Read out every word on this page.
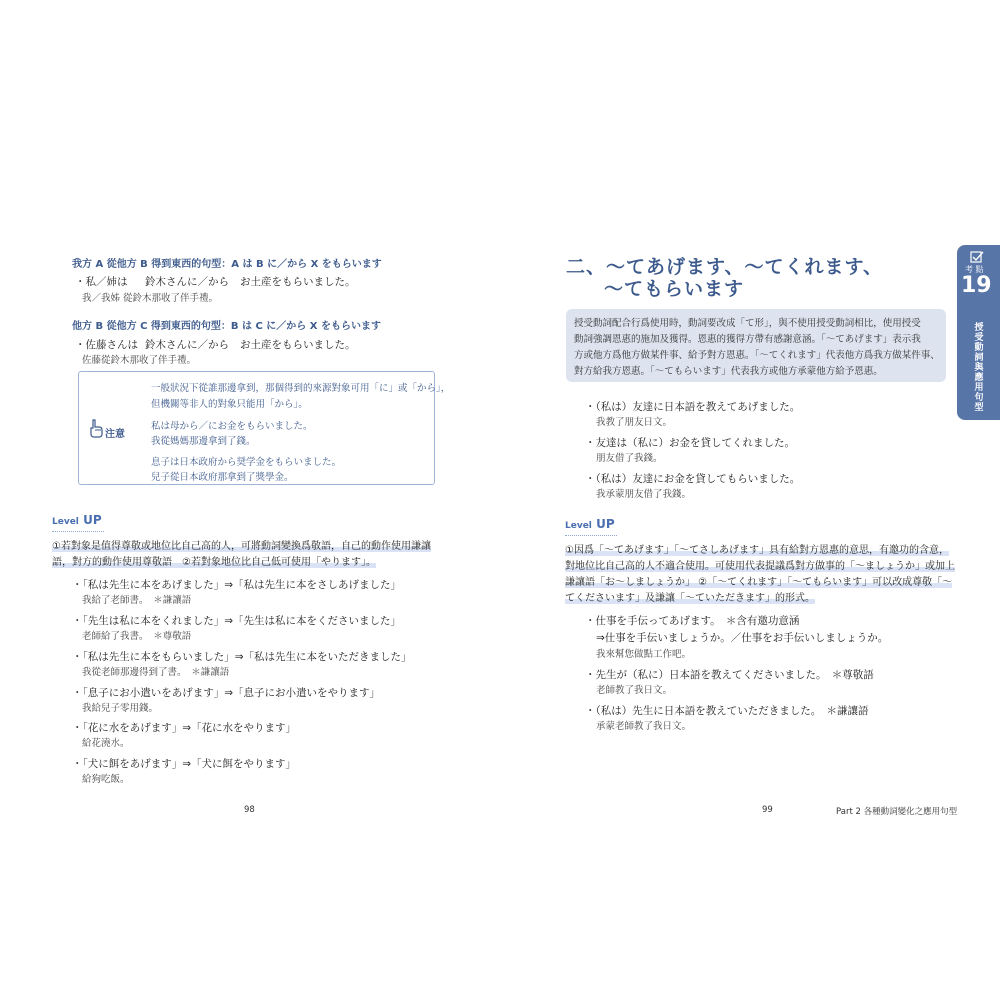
我方 A 從他方 B 得到東西的句型：A は B に／から X をもらいます
・ 私／姉は 鈴木さんに／から お土産をもらいました。
我／我姊 從鈴木那收了伴手禮。
他方 B 從他方 C 得到東西的句型：B は C に／から X をもらいます
・ 佐藤さんは 鈴木さんに／から お土産をもらいました。
佐藤從鈴木那收了伴手禮。
注意
一般狀況下從誰那邊拿到，那個得到的來源對象可用「に」或「から」，
但機關等非人的對象只能用「から」。
私は母から／にお金をもらいました。
我從媽媽那邊拿到了錢。
息子は日本政府から奨学金をもらいました。
兒子從日本政府那拿到了獎學金。
Level UP
①若對象是值得尊敬或地位比自己高的人，可將動詞變換爲敬語，自己的動作使用謙讓
語，對方的動作使用尊敬語　②若對象地位比自己低可使用「やります」。
・ 「私は先生に本をあげました」⇒「私は先生に本をさしあげました」
我給了老師書。　＊謙讓語
・ 「先生は私に本をくれました」⇒「先生は私に本をくださいました」
老師給了我書。　＊尊敬語
・ 「私は先生に本をもらいました」⇒「私は先生に本をいただきました」
我從老師那邊得到了書。　＊謙讓語
・ 「息子にお小遣いをあげます」⇒「息子にお小遣いをやります」
我給兒子零用錢。
・ 「花に水をあげます」⇒「花に水をやります」
給花澆水。
・ 「犬に餌をあげます」⇒「犬に餌をやります」
給狗吃飯。
98
二、～てあげます、～てくれます、
～てもらいます
授受動詞配合行爲使用時，動詞要改成「て形」，與不使用授受動詞相比，使用授受
動詞強調恩惠的施加及獲得。恩惠的獲得方帶有感謝意涵。「～てあげます」表示我
方或他方爲他方做某件事、給予對方恩惠。「～てくれます」代表他方爲我方做某件事、
對方給我方恩惠。「～てもらいます」代表我方或他方承蒙他方給予恩惠。
・ （私は）友達に日本語を教えてあげました。
我教了朋友日文。
・ 友達は（私に）お金を貸してくれました。
朋友借了我錢。
・ （私は）友達にお金を貸してもらいました。
我承蒙朋友借了我錢。
Level UP
①因爲「～てあげます」「～てさしあげます」具有給對方恩惠的意思，有邀功的含意，
對地位比自己高的人不適合使用。可使用代表提議爲對方做事的「～ましょうか」或加上
謙讓語「お～しましょうか」 ②「～てくれます」「～てもらいます」可以改成尊敬「～
てくださいます」及謙讓「～ていただきます」的形式。
・ 仕事を手伝ってあげます。　＊含有邀功意涵
⇒仕事を手伝いましょうか。／仕事をお手伝いしましょうか。
我來幫您做點工作吧。
・ 先生が（私に）日本語を教えてくださいました。　＊尊敬語
老師教了我日文。
・ （私は）先生に日本語を教えていただきました。　＊謙讓語
承蒙老師教了我日文。
99	Part 2 各種動詞變化之應用句型
考 點
19
授受動詞與應用句型
